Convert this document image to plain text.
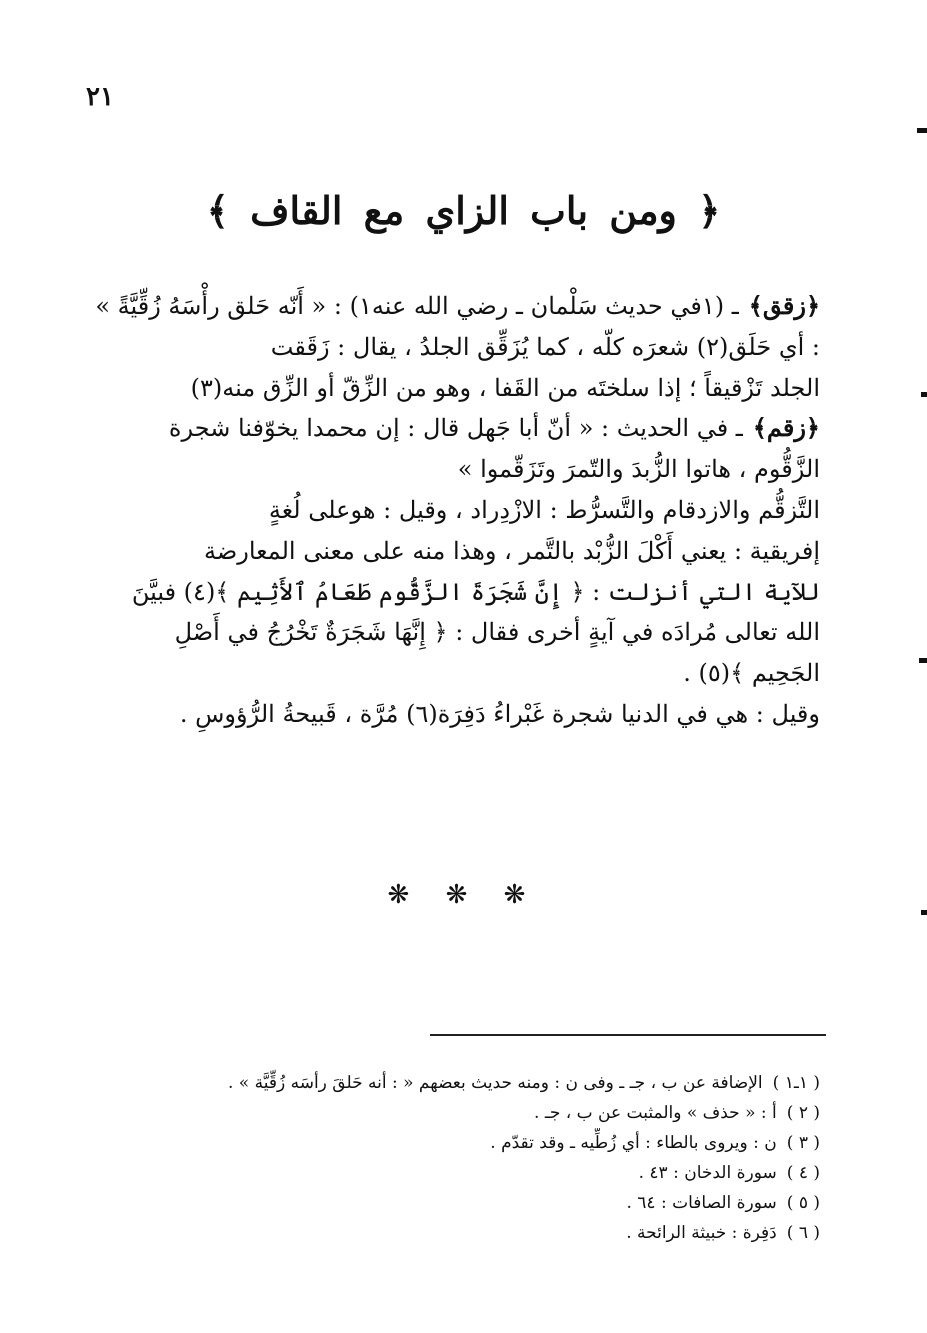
٢١
﴿ ومن باب الزاي مع القاف ﴾

﴿زقق﴾ـ (١في حديث سَلْمان ـ رضي الله عنه١) : « أَنّه حَلق رأْسَهُ زُقِّيَّةً »

: أي حَلَق(٢) شعرَه كلّه ، كما يُزَقِّق الجلدُ ، يقال : زَقَقت

الجلد تَزْقيقاً ؛ إذا سلختَه من القَفا ، وهو من الزِّقّ أو الزِّق منه(٣)

﴿زقم﴾ـ في الحديث : « أنّ أبا جَهل قال : إن محمدا يخوّفنا شجرة

الزَّقُّوم ، هاتوا الزُّبدَ والتّمرَ وتَزَقّموا »

التَّزقُّم والازدقام والتَّسرُّط : الازْدِراد ، وقيل : هوعلى لُغةٍ

إفريقية : يعني أَكْلَ الزُّبْد بالتَّمر ، وهذا منه على معنى المعارضة

للآية التي أنزلت : ﴿ إِنَّ شَجَرَةَ الزَّقُّوم طَعَامُ ٱلأَثِيم ﴾(٤) فبيَّنَ

الله تعالى مُرادَه في آيةٍ أخرى فقال : ﴿ إِنَّهَا شَجَرَةٌ تَخْرُجُ في أَصْلِ

الجَحِيم ﴾(٥) .

وقيل : هي في الدنيا شجرة غَبْراءُ دَفِرَة(٦) مُرَّة ، قَبيحةُ الرُّؤوسِ .

❋ ❋ ❋
( ١ـ١ )الإضافة عن ب ، جـ ـ وفى ن : ومنه حديث بعضهم « : أنه حَلقَ رأسَه زُقِّيَّة » .
( ٢ )أ : « حذف » والمثبت عن ب ، جـ .
( ٣ )ن : ويروى بالطاء : أي زُطِّيه ـ وقد تقدّم .
( ٤ )سورة الدخان : ٤٣ .
( ٥ )سورة الصافات : ٦٤ .
( ٦ )دَفِرة : خبيثة الرائحة .
